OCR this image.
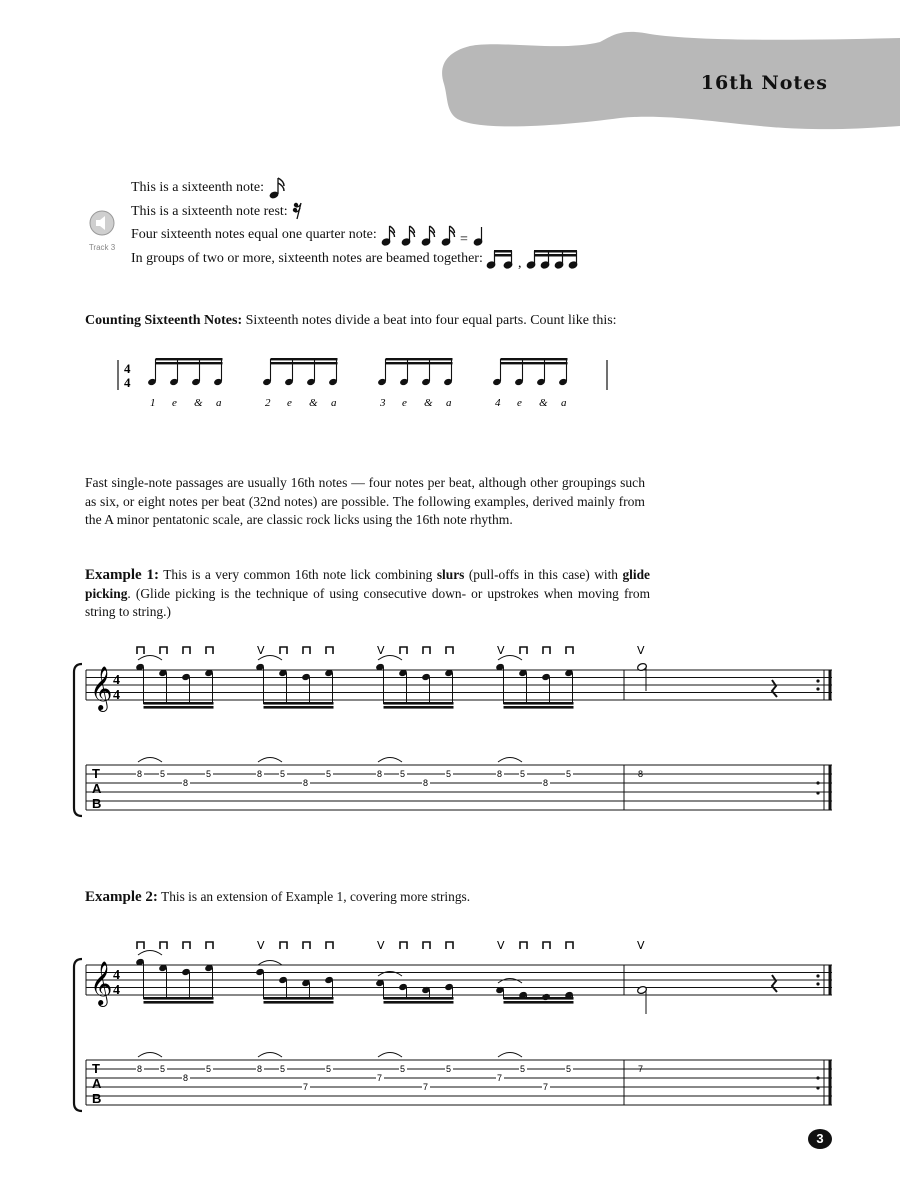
16th Notes
Track 3
This is a sixteenth note:
This is a sixteenth note rest:
Four sixteenth notes equal one quarter note:	=
In groups of two or more, sixteenth notes are beamed together:	,
Counting Sixteenth Notes: Sixteenth notes divide a beat into four equal parts. Count like this:
4
4
1 e & a	2 e & a	3 e & a	4 e & a
Fast single-note passages are usually 16th notes — four notes per beat, although other groupings such as six, or eight notes per beat (32nd notes) are possible. The following examples, derived mainly from the A minor pentatonic scale, are classic rock licks using the 16th note rhythm.
Example 1: This is a very common 16th note lick combining slurs (pull-offs in this case) with glide picking. (Glide picking is the technique of using consecutive down- or upstrokes when moving from string to string.)
𝄞 4
4
T
A
B
8 5
8
5
V
8 5
8
5
V
8 5
8
5
V
8 5
8
5
V
8
Example 2: This is an extension of Example 1, covering more strings.
𝄞 4
4
T
A
B
8 5
8
5
V
8 5
7
5
V
7
5
7
5
V
7
5
7
5
V
7
3
